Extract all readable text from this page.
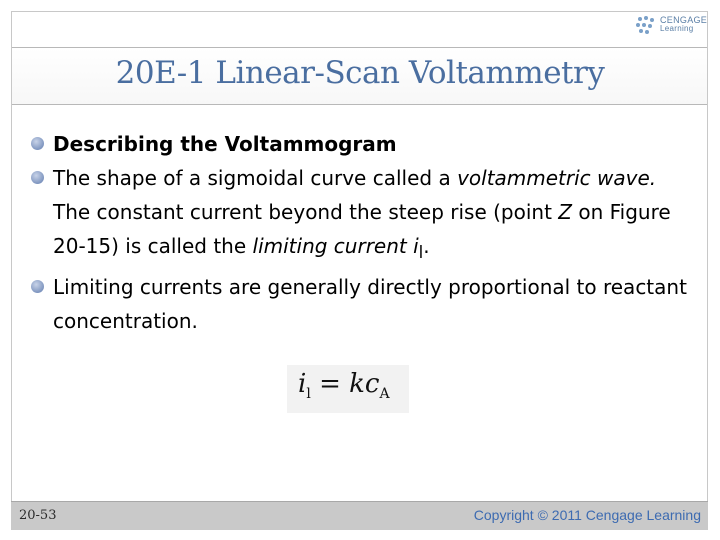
CENGAGE
Learning
20E-1 Linear-Scan Voltammetry
Describing the Voltammogram
The shape of a sigmoidal curve called a voltammetric wave. The constant current beyond the steep rise (point Z on Figure 20-15) is called the limiting current $i_l$.
Limiting currents are generally directly proportional to reactant concentration.
$i_l = kc_A$
20-53	Copyright © 2011 Cengage Learning
